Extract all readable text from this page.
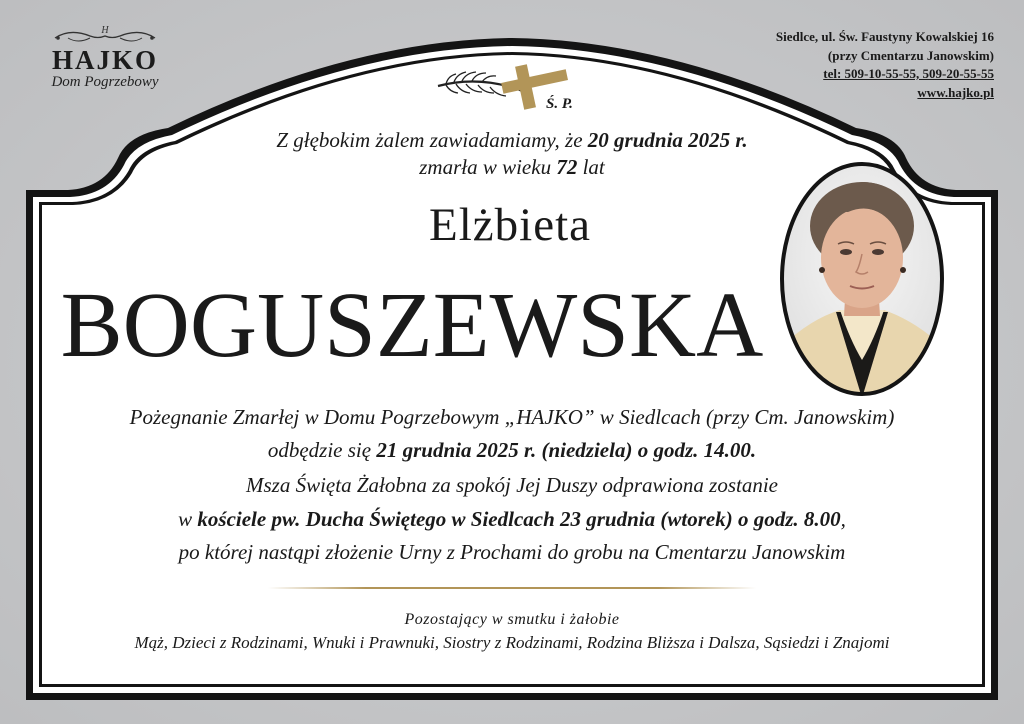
H
HAJKO
Dom Pogrzebowy
Siedlce, ul. Św. Faustyny Kowalskiej 16
(przy Cmentarzu Janowskim)
tel: 509-10-55-55, 509-20-55-55
www.hajko.pl
Ś. P.
Z głębokim żalem zawiadamiamy, że 20 grudnia 2025 r.
zmarła w wieku 72 lat
Elżbieta
BOGUSZEWSKA
Pożegnanie Zmarłej w Domu Pogrzebowym „HAJKO” w Siedlcach (przy Cm. Janowskim)
odbędzie się 21 grudnia 2025 r. (niedziela) o godz. 14.00.
Msza Święta Żałobna za spokój Jej Duszy odprawiona zostanie
w kościele pw. Ducha Świętego w Siedlcach 23 grudnia (wtorek) o godz. 8.00,
po której nastąpi złożenie Urny z Prochami do grobu na Cmentarzu Janowskim
Pozostający w smutku i żałobie
Mąż, Dzieci z Rodzinami, Wnuki i Prawnuki, Siostry z Rodzinami, Rodzina Bliższa i Dalsza, Sąsiedzi i Znajomi
